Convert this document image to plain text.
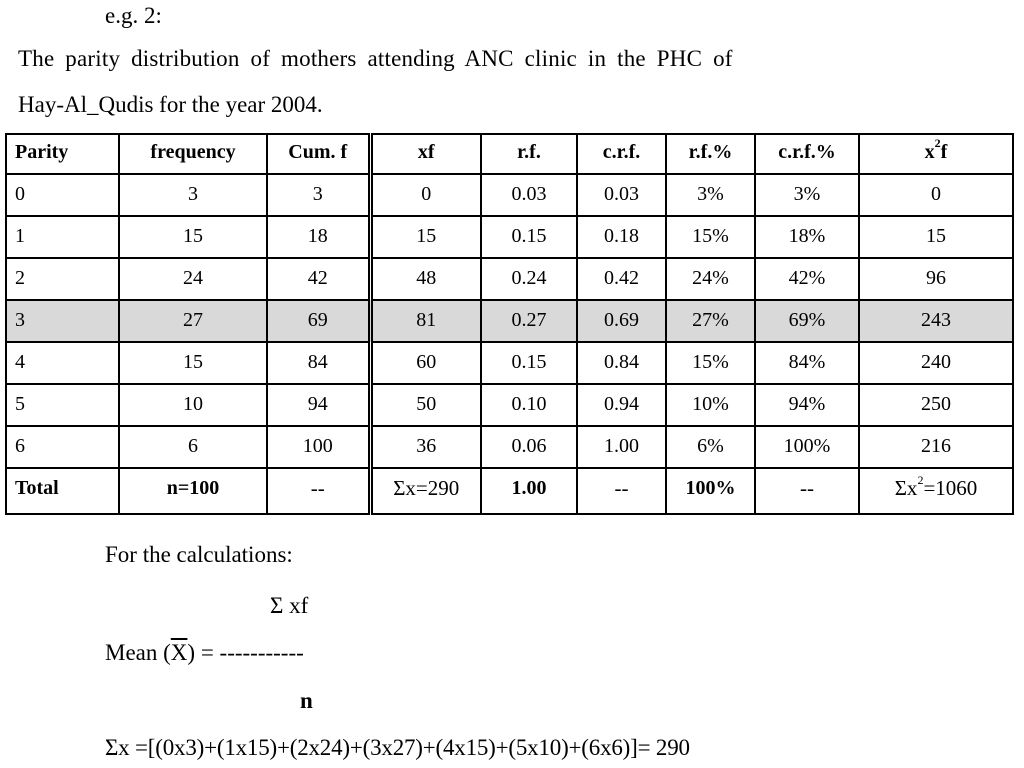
e.g. 2:
The parity distribution of mothers attending ANC clinic in the PHC of
Hay-Al_Qudis for the year 2004.
Parity	frequency	Cum. f	xf	r.f.	c.r.f.	r.f.%	c.r.f.%	$x^2f$
0	3	3	0	0.03	0.03	3%	3%	0
1	15	18	15	0.15	0.18	15%	18%	15
2	24	42	48	0.24	0.42	24%	42%	96
3	27	69	81	0.27	0.69	27%	69%	243
4	15	84	60	0.15	0.84	15%	84%	240
5	10	94	50	0.10	0.94	10%	94%	250
6	6	100	36	0.06	1.00	6%	100%	216
Total	n=100	--	Σx=290	1.00	--	100%	--	$\Sigma x^2=1060$
For the calculations:
Σ xf
Mean $(\overline{X})$ = -----------
n
Σx =[(0x3)+(1x15)+(2x24)+(3x27)+(4x15)+(5x10)+(6x6)]= 290
